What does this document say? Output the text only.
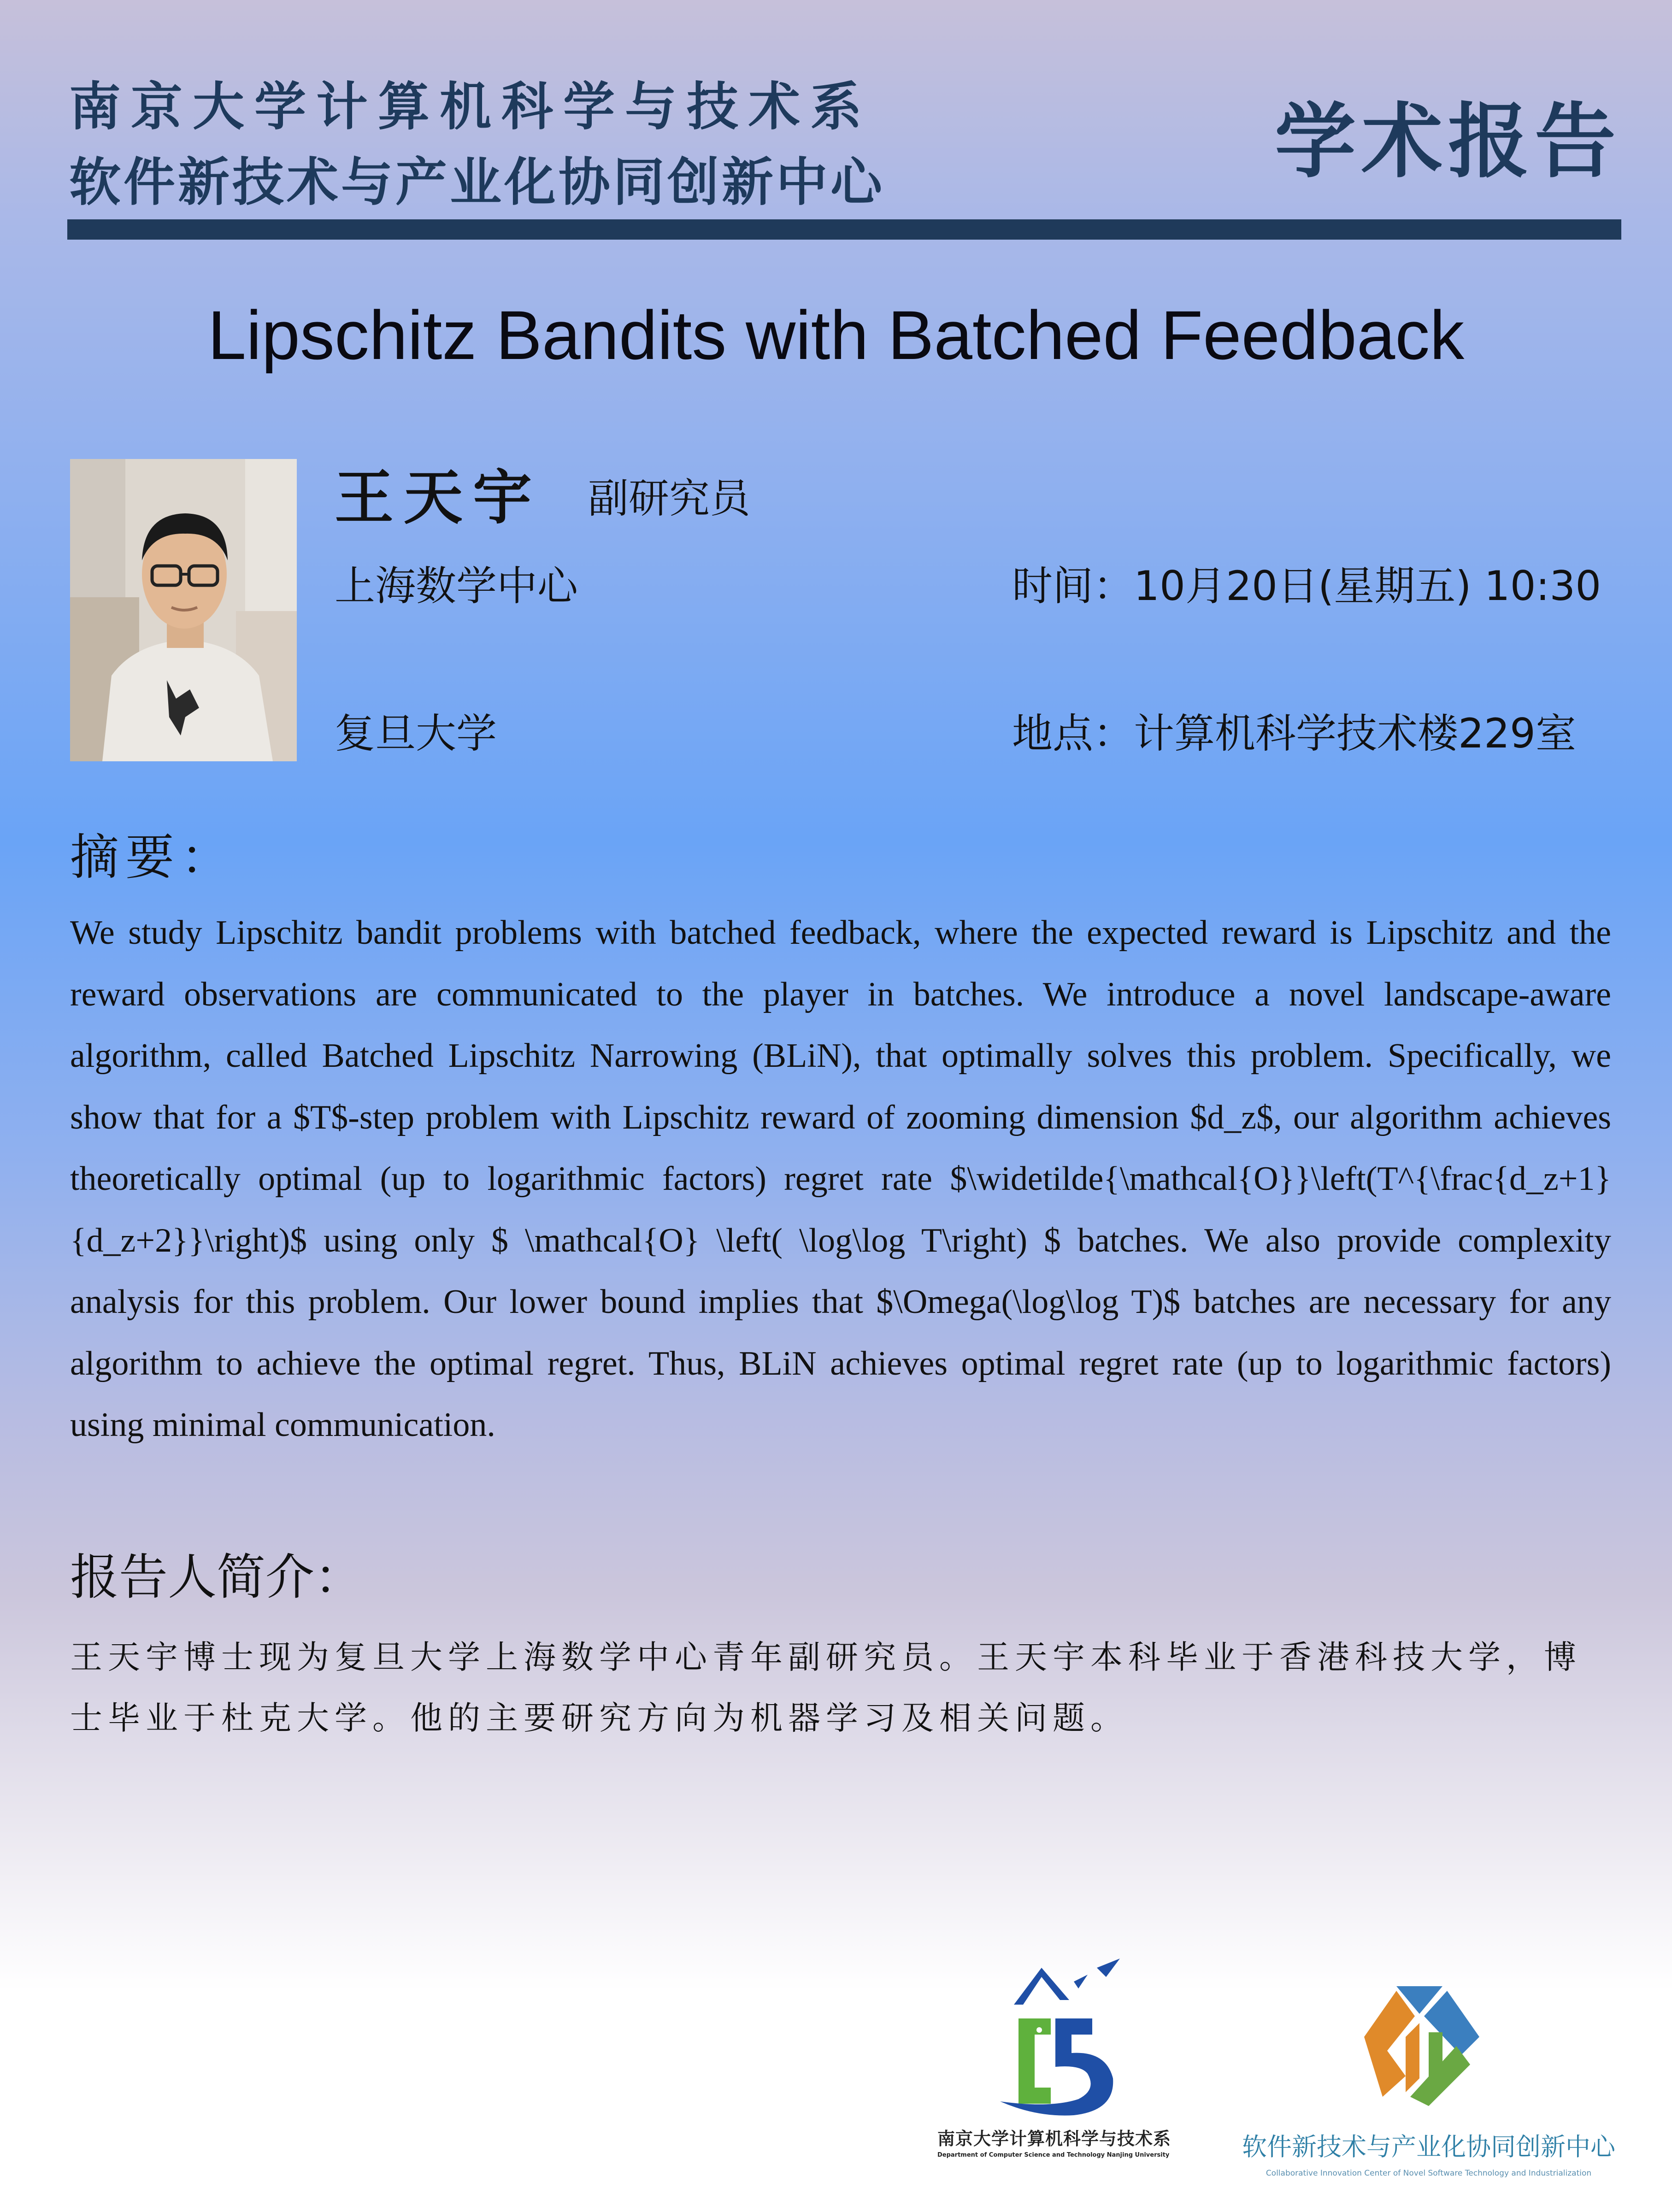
南京大学计算机科学与技术系
软件新技术与产业化协同创新中心	学术报告
Lipschitz Bandits with Batched Feedback
王天宇 副研究员
上海数学中心
复旦大学
时间：10月20日(星期五) 10:30
地点：计算机科学技术楼229室
摘要：
We study Lipschitz bandit problems with batched feedback, where the expected reward is Lipschitz and the reward observations are communicated to the player in batches. We introduce a novel landscape-aware algorithm, called Batched Lipschitz Narrowing (BLiN), that optimally solves this problem. Specifically, we show that for a $T$-step problem with Lipschitz reward of zooming dimension $d_z$, our algorithm achieves theoretically optimal (up to logarithmic factors) regret rate $\widetilde{\mathcal{O}}\left(T^{\frac{d_z+1}{d_z+2}}\right)$ using only $ \mathcal{O} \left( \log\log T\right) $ batches. We also provide complexity analysis for this problem. Our lower bound implies that $\Omega(\log\log T)$ batches are necessary for any algorithm to achieve the optimal regret. Thus, BLiN achieves optimal regret rate (up to logarithmic factors) using minimal communication.
报告人简介：
王天宇博士现为复旦大学上海数学中心青年副研究员。王天宇本科毕业于香港科技大学，博士毕业于杜克大学。他的主要研究方向为机器学习及相关问题。
南京大学计算机科学与技术系
Department of Computer Science and Technology Nanjing University	软件新技术与产业化协同创新中心
Collaborative Innovation Center of Novel Software Technology and Industrialization
